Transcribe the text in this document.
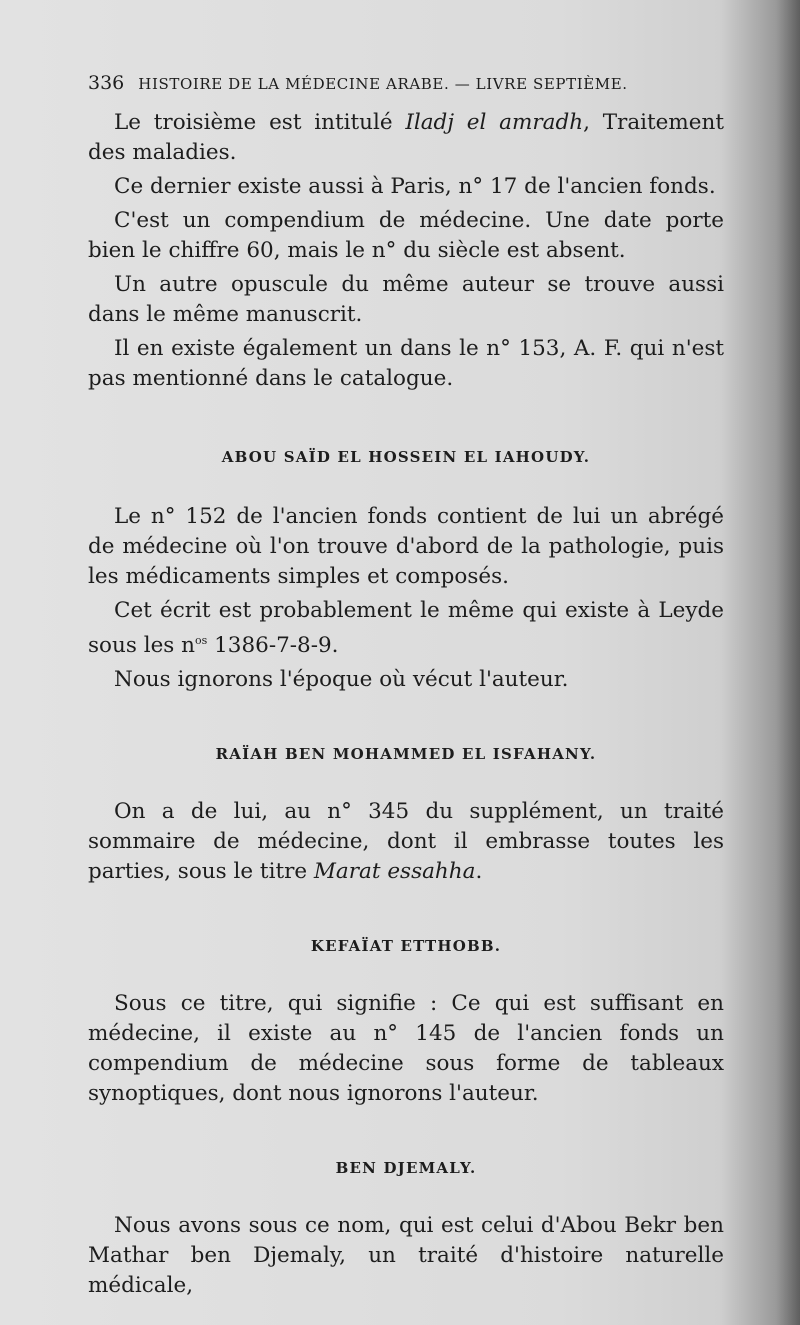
336 HISTOIRE DE LA MÉDECINE ARABE. — LIVRE SEPTIÈME.

Le troisième est intitulé Iladj el amradh, Traitement des maladies.

Ce dernier existe aussi à Paris, n° 17 de l'ancien fonds.

C'est un compendium de médecine. Une date porte bien le chiffre 60, mais le n° du siècle est absent.

Un autre opuscule du même auteur se trouve aussi dans le même manuscrit.

Il en existe également un dans le n° 153, A. F. qui n'est pas mentionné dans le catalogue.

ABOU SAÏD EL HOSSEIN EL IAHOUDY.

Le n° 152 de l'ancien fonds contient de lui un abrégé de médecine où l'on trouve d'abord de la pathologie, puis les médicaments simples et composés.

Cet écrit est probablement le même qui existe à Leyde sous les $n^{os}$ 1386-7-8-9.

Nous ignorons l'époque où vécut l'auteur.

RAÏAH BEN MOHAMMED EL ISFAHANY.

On a de lui, au n° 345 du supplément, un traité sommaire de médecine, dont il embrasse toutes les parties, sous le titre Marat essahha.

KEFAÏAT ETTHOBB.

Sous ce titre, qui signifie : Ce qui est suffisant en médecine, il existe au n° 145 de l'ancien fonds un compendium de médecine sous forme de tableaux synoptiques, dont nous ignorons l'auteur.

BEN DJEMALY.

Nous avons sous ce nom, qui est celui d'Abou Bekr ben Mathar ben Djemaly, un traité d'histoire naturelle médicale,
